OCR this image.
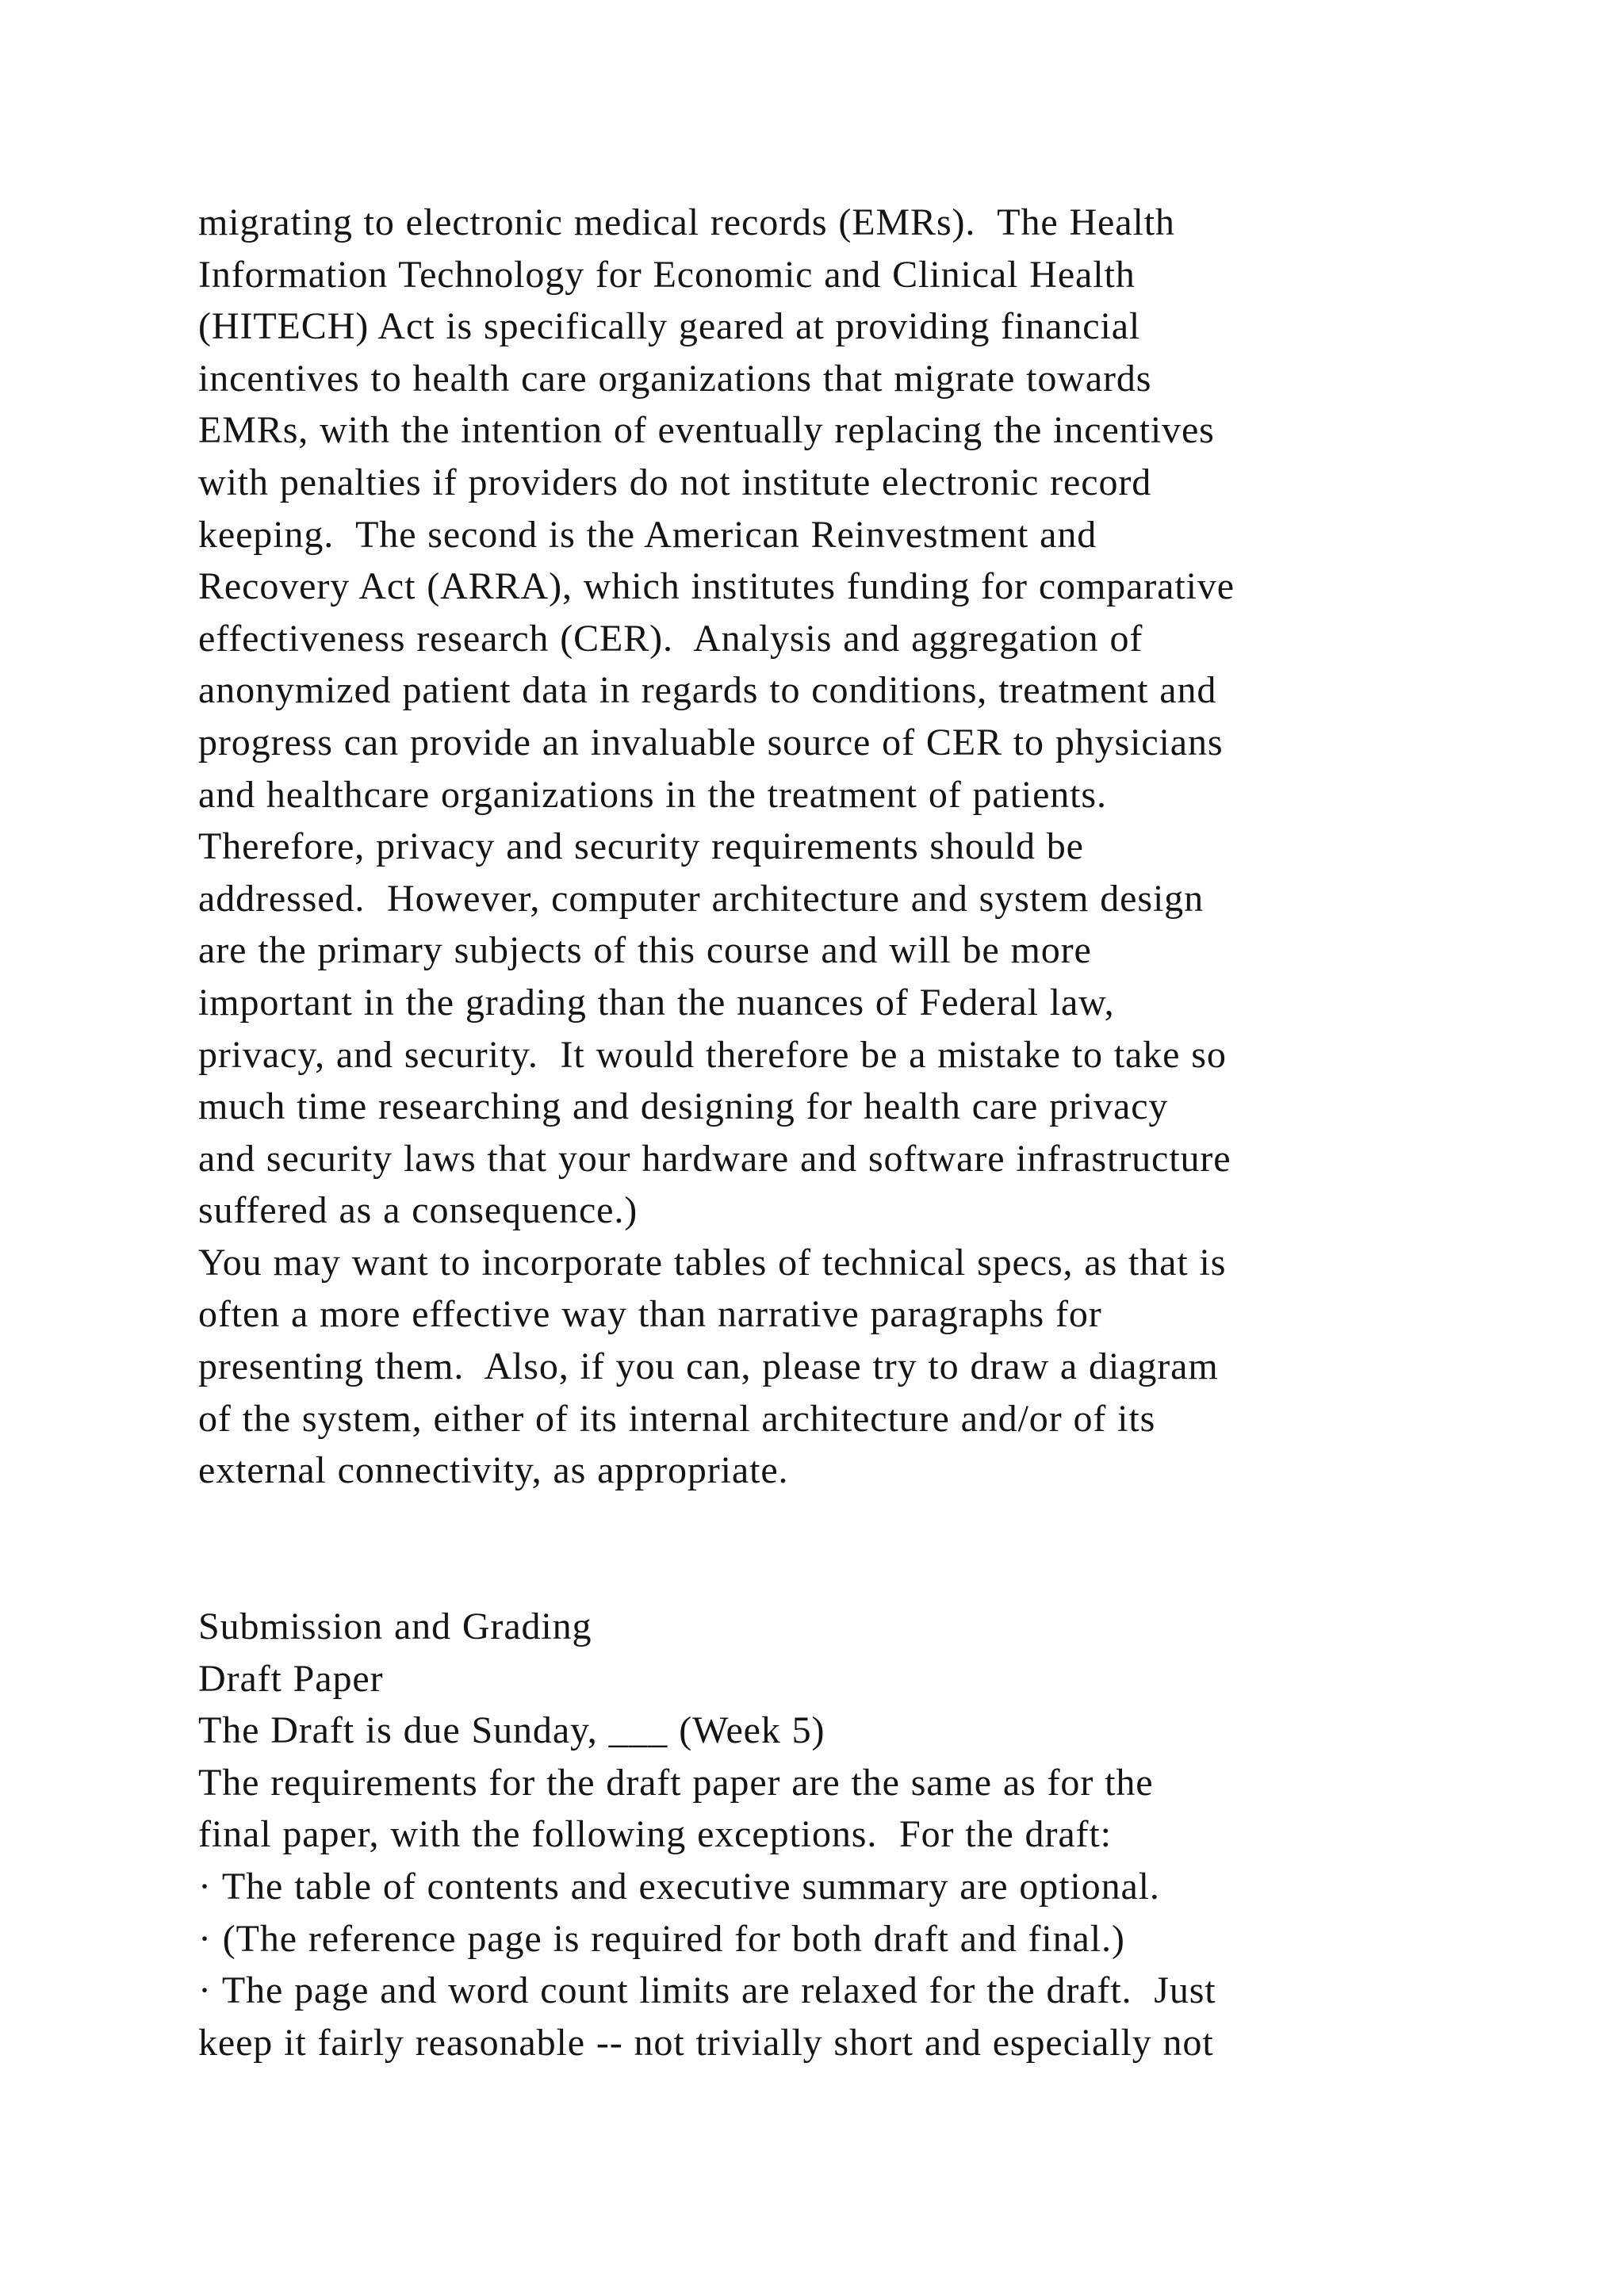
migrating to electronic medical records (EMRs).  The Health
Information Technology for Economic and Clinical Health
(HITECH) Act is specifically geared at providing financial
incentives to health care organizations that migrate towards
EMRs, with the intention of eventually replacing the incentives
with penalties if providers do not institute electronic record
keeping.  The second is the American Reinvestment and
Recovery Act (ARRA), which institutes funding for comparative
effectiveness research (CER).  Analysis and aggregation of
anonymized patient data in regards to conditions, treatment and
progress can provide an invaluable source of CER to physicians
and healthcare organizations in the treatment of patients.
Therefore, privacy and security requirements should be
addressed.  However, computer architecture and system design
are the primary subjects of this course and will be more
important in the grading than the nuances of Federal law,
privacy, and security.  It would therefore be a mistake to take so
much time researching and designing for health care privacy
and security laws that your hardware and software infrastructure
suffered as a consequence.)
You may want to incorporate tables of technical specs, as that is
often a more effective way than narrative paragraphs for
presenting them.  Also, if you can, please try to draw a diagram
of the system, either of its internal architecture and/or of its
external connectivity, as appropriate.
Submission and Grading
Draft Paper
The Draft is due Sunday, ___ (Week 5)
The requirements for the draft paper are the same as for the
final paper, with the following exceptions.  For the draft:
· The table of contents and executive summary are optional.
· (The reference page is required for both draft and final.)
· The page and word count limits are relaxed for the draft.  Just
keep it fairly reasonable -- not trivially short and especially not
